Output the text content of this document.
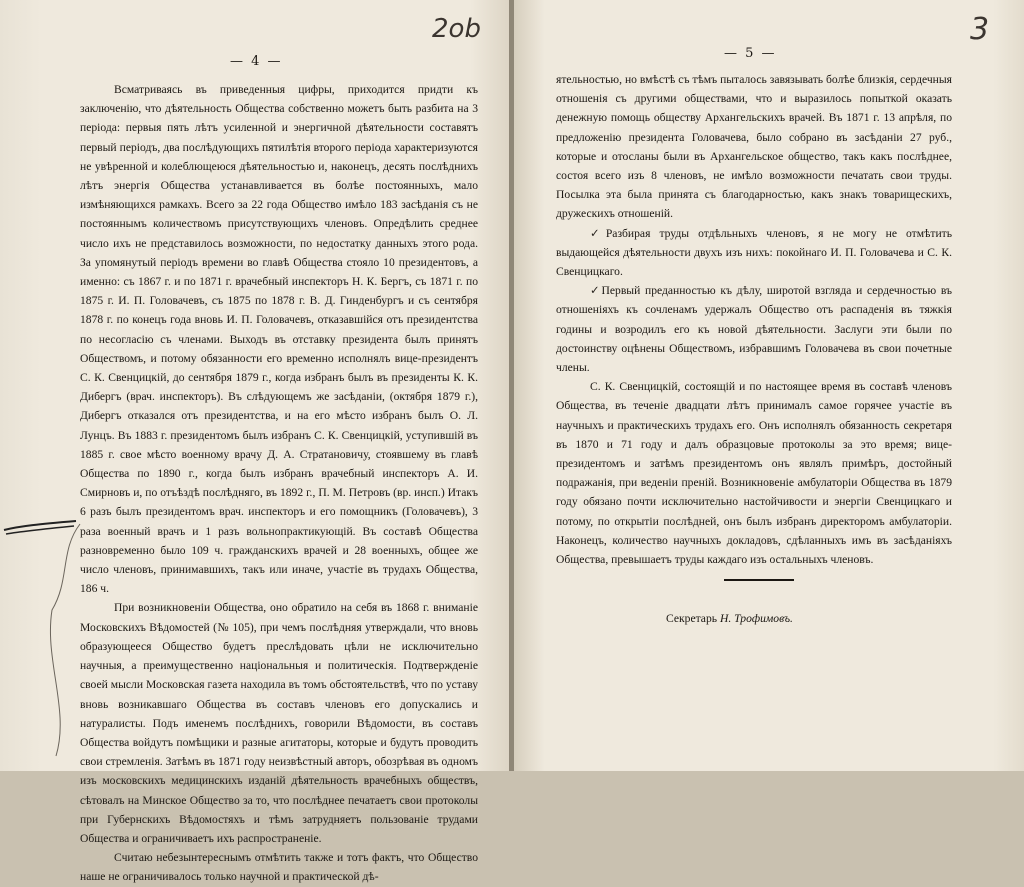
2ob
— 4 —

Всматриваясь въ приведенныя цифры, приходится придти къ заключенію, что дѣятельность Общества собственно можетъ быть разбита на 3 періода: первыя пять лѣтъ усиленной и энергичной дѣятельности составятъ первый періодъ, два послѣдующихъ пятилѣтія второго періода характеризуются не увѣренной и колеблющеюся дѣятельностью и, наконецъ, десять послѣднихъ лѣтъ энергія Общества устанавливается въ болѣе постоянныхъ, мало измѣняющихся рамкахъ. Всего за 22 года Общество имѣло 183 засѣданія съ не постояннымъ количествомъ присутствующихъ членовъ. Опредѣлить среднее число ихъ не представилось возможности, по недостатку данныхъ этого рода. За упомянутый періодъ времени во главѣ Общества стояло 10 президентовъ, а именно: съ 1867 г. и по 1871 г. врачебный инспекторъ Н. К. Бергъ, съ 1871 г. по 1875 г. И. П. Головачевъ, съ 1875 по 1878 г. В. Д. Гинденбургъ и съ сентября 1878 г. по конецъ года вновь И. П. Головачевъ, отказавшійся отъ президентства по несогласію съ членами. Выходъ въ отставку президента былъ принятъ Обществомъ, и потому обязанности его временно исполнялъ вице-президентъ С. К. Свенцицкій, до сентября 1879 г., когда избранъ былъ въ президенты К. К. Дибергъ (врач. инспекторъ). Въ слѣдующемъ же засѣданіи, (октября 1879 г.), Дибергъ отказался отъ президентства, и на его мѣсто избранъ былъ О. Л. Лунцъ. Въ 1883 г. президентомъ былъ избранъ С. К. Свенцицкій, уступившій въ 1885 г. свое мѣсто военному врачу Д. А. Стратановичу, стоявшему въ главѣ Общества по 1890 г., когда былъ избранъ врачебный инспекторъ А. И. Смирновъ и, по отъѣздѣ послѣдняго, въ 1892 г., П. М. Петровъ (вр. инсп.) Итакъ 6 разъ былъ президентомъ врач. инспекторъ и его помощникъ (Головачевъ), 3 раза военный врачъ и 1 разъ вольнопрактикующій. Въ составѣ Общества разновременно было 109 ч. гражданскихъ врачей и 28 военныхъ, общее же число членовъ, принимавшихъ, такъ или иначе, участіе въ трудахъ Общества, 186 ч.

При возникновеніи Общества, оно обратило на себя въ 1868 г. вниманіе Московскихъ Вѣдомостей (№ 105), при чемъ послѣдняя утверждали, что вновь образующееся Общество будетъ преслѣдовать цѣли не исключительно научныя, а преимущественно національныя и политическія. Подтвержденіе своей мысли Московская газета находила въ томъ обстоятельствѣ, что по уставу вновь возникавшаго Общества въ составъ членовъ его допускались и натуралисты. Подъ именемъ послѣднихъ, говорили Вѣдомости, въ составъ Общества войдутъ помѣщики и разные агитаторы, которые и будутъ проводить свои стремленія. Затѣмъ въ 1871 году неизвѣстный авторъ, обозрѣвая въ одномъ изъ московскихъ медицинскихъ изданій дѣятельность врачебныхъ обществъ, сѣтовалъ на Минское Общество за то, что послѣднее печатаетъ свои протоколы при Губернскихъ Вѣдомостяхъ и тѣмъ затрудняетъ пользованіе трудами Общества и ограничиваетъ ихъ распространеніе.

Считаю небезынтереснымъ отмѣтить также и тотъ фактъ, что Общество наше не ограничивалось только научной и практической дѣ-

3
— 5 —

ятельностью, но вмѣстѣ съ тѣмъ пыталось завязывать болѣе близкія, сердечныя отношенія съ другими обществами, что и выразилось попыткой оказать денежную помощь обществу Архангельскихъ врачей. Въ 1871 г. 13 апрѣля, по предложенію президента Головачева, было собрано въ засѣданіи 27 руб., которые и отосланы были въ Архангельское общество, такъ какъ послѣднее, состоя всего изъ 8 членовъ, не имѣло возможности печатать свои труды. Посылка эта была принята съ благодарностью, какъ знакъ товарищескихъ, дружескихъ отношеній.

✓Разбирая труды отдѣльныхъ членовъ, я не могу не отмѣтить выдающейся дѣятельности двухъ изъ нихъ: покойнаго И. П. Головачева и С. К. Свенцицкаго.

✓Первый преданностью къ дѣлу, широтой взгляда и сердечностью въ отношеніяхъ къ сочленамъ удержалъ Общество отъ распаденія въ тяжкія годины и возродилъ его къ новой дѣятельности. Заслуги эти были по достоинству оцѣнены Обществомъ, избравшимъ Головачева въ свои почетные члены.

С. К. Свенцицкій, состоящій и по настоящее время въ составѣ членовъ Общества, въ теченіе двадцати лѣтъ принималъ самое горячее участіе въ научныхъ и практическихъ трудахъ его. Онъ исполнялъ обязанность секретаря въ 1870 и 71 году и далъ образцовые протоколы за это время; вице-президентомъ и затѣмъ президентомъ онъ являлъ примѣръ, достойный подражанія, при веденіи преній. Возникновеніе амбулаторіи Общества въ 1879 году обязано почти исключительно настойчивости и энергіи Свенцицкаго и потому, по открытіи послѣдней, онъ былъ избранъ директоромъ амбулаторіи. Наконецъ, количество научныхъ докладовъ, сдѣланныхъ имъ въ засѣданіяхъ Общества, превышаетъ труды каждаго изъ остальныхъ членовъ.

Секретарь Н. Трофимовъ.
